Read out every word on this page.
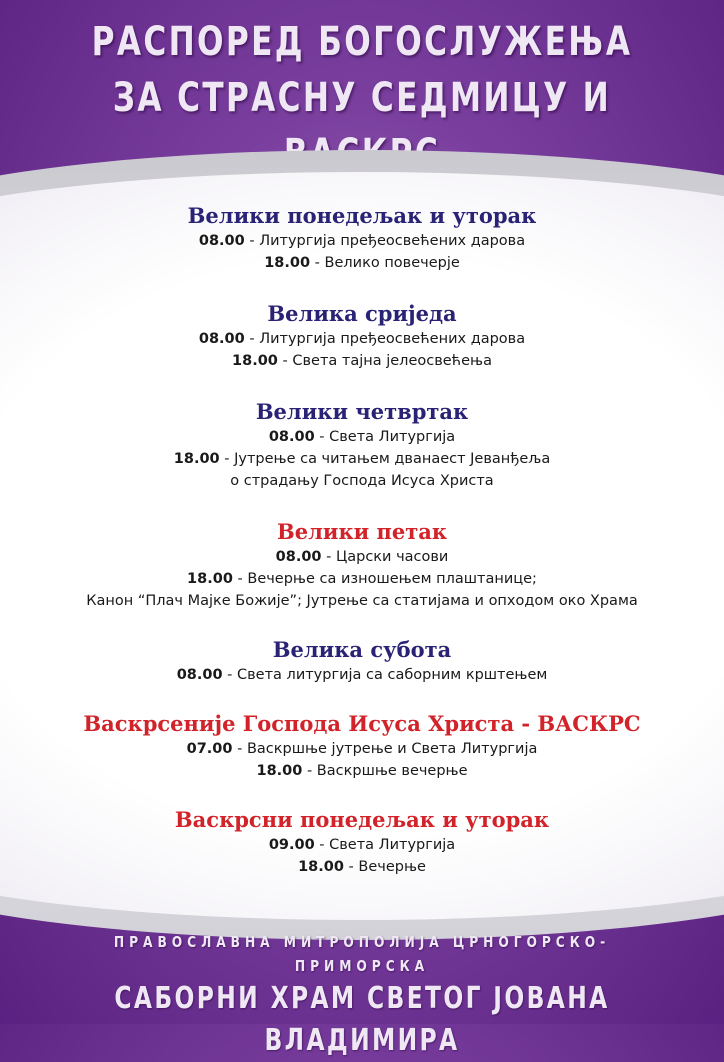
РАСПОРЕД БОГОСЛУЖЕЊА
ЗА СТРАСНУ СЕДМИЦУ И
Велики понедељак и уторак
08.00 - Литургија пређеосвећених дарова
18.00 - Велико повечерје
Велика сриједа
08.00 - Литургија пређеосвећених дарова
18.00 - Света тајна јелеосвећења
Велики четвртак
08.00 - Света Литургија
18.00 - Јутрење са читањем дванаест Јеванђеља
о страдању Господа Исуса Христа
Велики петак
08.00 - Царски часови
18.00 - Вечерње са изношењем плаштанице;
Канон “Плач Мајке Божије”; Јутрење са статијама и опходом око Храма
Велика субота
08.00 - Света литургија са саборним крштењем
Васкрсеније Господа Исуса Христа - ВАСКРС
07.00 - Васкршње јутрење и Света Литургија
18.00 - Васкршње вечерње
Васкрсни понедељак и уторак
09.00 - Света Литургија
18.00 - Вечерње
ПРАВОСЛАВНА МИТРОПОЛИЈА ЦРНОГОРСКО-ПРИМОРСКА
САБОРНИ ХРАМ СВЕТОГ ЈОВАНА ВЛАДИМИРА
